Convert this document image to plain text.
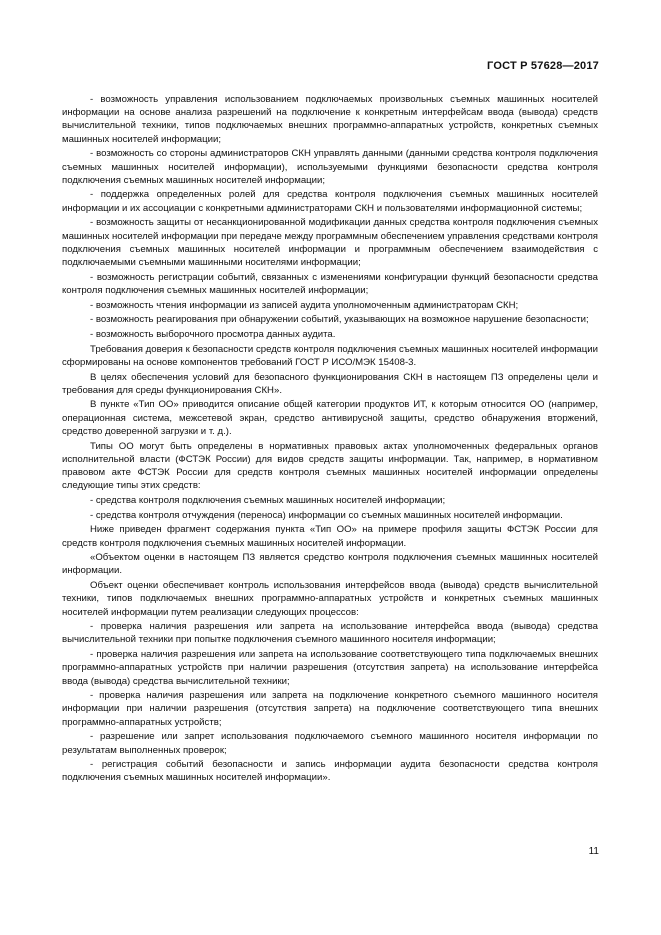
ГОСТ Р 57628—2017

- возможность управления использованием подключаемых произвольных съемных машинных носителей информации на основе анализа разрешений на подключение к конкретным интерфейсам ввода (вывода) средств вычислительной техники, типов подключаемых внешних программно-аппаратных устройств, конкретных съемных машинных носителей информации;

- возможность со стороны администраторов СКН управлять данными (данными средства контроля подключения съемных машинных носителей информации), используемыми функциями безопасности средства контроля подключения съемных машинных носителей информации;

- поддержка определенных ролей для средства контроля подключения съемных машинных носителей информации и их ассоциации с конкретными администраторами СКН и пользователями информационной системы;

- возможность защиты от несанкционированной модификации данных средства контроля подключения съемных машинных носителей информации при передаче между программным обеспечением управления средствами контроля подключения съемных машинных носителей информации и программным обеспечением взаимодействия с подключаемыми съемными машинными носителями информации;

- возможность регистрации событий, связанных с изменениями конфигурации функций безопасности средства контроля подключения съемных машинных носителей информации;

- возможность чтения информации из записей аудита уполномоченным администраторам СКН;

- возможность реагирования при обнаружении событий, указывающих на возможное нарушение безопасности;

- возможность выборочного просмотра данных аудита.

Требования доверия к безопасности средств контроля подключения съемных машинных носителей информации сформированы на основе компонентов требований ГОСТ Р ИСО/МЭК 15408-3.

В целях обеспечения условий для безопасного функционирования СКН в настоящем ПЗ определены цели и требования для среды функционирования СКН».

В пункте «Тип ОО» приводится описание общей категории продуктов ИТ, к которым относится ОО (например, операционная система, межсетевой экран, средство антивирусной защиты, средство обнаружения вторжений, средство доверенной загрузки и т. д.).

Типы ОО могут быть определены в нормативных правовых актах уполномоченных федеральных органов исполнительной власти (ФСТЭК России) для видов средств защиты информации. Так, например, в нормативном правовом акте ФСТЭК России для средств контроля съемных машинных носителей информации определены следующие типы этих средств:

- средства контроля подключения съемных машинных носителей информации;

- средства контроля отчуждения (переноса) информации со съемных машинных носителей информации.

Ниже приведен фрагмент содержания пункта «Тип ОО» на примере профиля защиты ФСТЭК России для средств контроля подключения съемных машинных носителей информации.

«Объектом оценки в настоящем ПЗ является средство контроля подключения съемных машинных носителей информации.

Объект оценки обеспечивает контроль использования интерфейсов ввода (вывода) средств вычислительной техники, типов подключаемых внешних программно-аппаратных устройств и конкретных съемных машинных носителей информации путем реализации следующих процессов:

- проверка наличия разрешения или запрета на использование интерфейса ввода (вывода) средства вычислительной техники при попытке подключения съемного машинного носителя информации;

- проверка наличия разрешения или запрета на использование соответствующего типа подключаемых внешних программно-аппаратных устройств при наличии разрешения (отсутствия запрета) на использование интерфейса ввода (вывода) средства вычислительной техники;

- проверка наличия разрешения или запрета на подключение конкретного съемного машинного носителя информации при наличии разрешения (отсутствия запрета) на подключение соответствующего типа внешних программно-аппаратных устройств;

- разрешение или запрет использования подключаемого съемного машинного носителя информации по результатам выполненных проверок;

- регистрация событий безопасности и запись информации аудита безопасности средства контроля подключения съемных машинных носителей информации».

11
